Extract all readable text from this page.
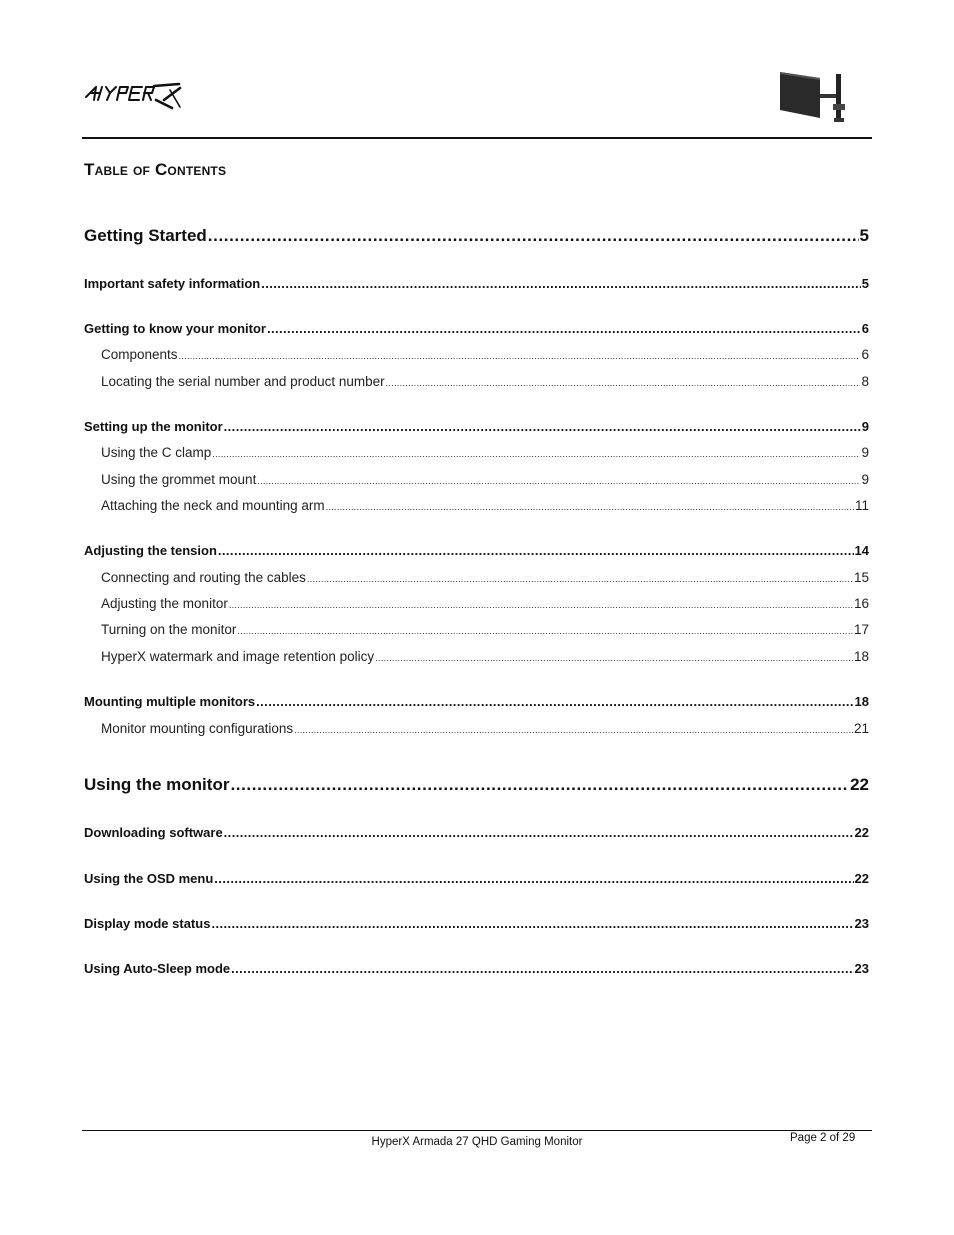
Table of Contents
Getting Started .....	5
Important safety information .....	5
Getting to know your monitor .....	6
Components .....	6
Locating the serial number and product number .....	8
Setting up the monitor .....	9
Using the C clamp .....	9
Using the grommet mount .....	9
Attaching the neck and mounting arm .....	11
Adjusting the tension .....	14
Connecting and routing the cables .....	15
Adjusting the monitor .....	16
Turning on the monitor .....	17
HyperX watermark and image retention policy .....	18
Mounting multiple monitors .....	18
Monitor mounting configurations .....	21
Using the monitor .....	22
Downloading software .....	22
Using the OSD menu .....	22
Display mode status .....	23
Using Auto-Sleep mode .....	23
HyperX Armada 27 QHD Gaming Monitor	Page 2 of 29
